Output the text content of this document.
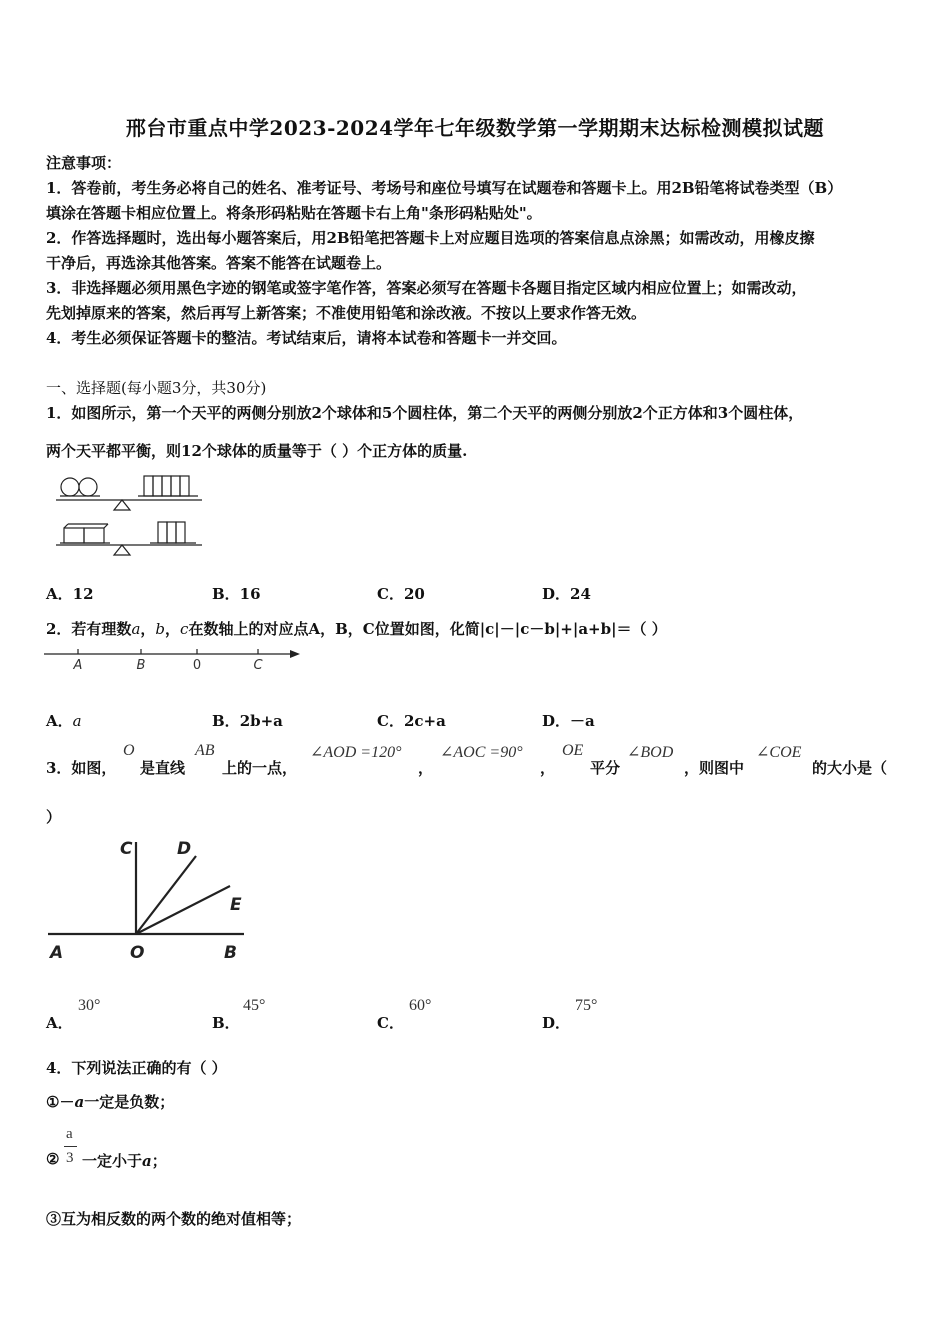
邢台市重点中学2023-2024学年七年级数学第一学期期末达标检测模拟试题
注意事项：
1．答卷前，考生务必将自己的姓名、准考证号、考场号和座位号填写在试题卷和答题卡上。用2B铅笔将试卷类型（B）
填涂在答题卡相应位置上。将条形码粘贴在答题卡右上角"条形码粘贴处"。
2．作答选择题时，选出每小题答案后，用2B铅笔把答题卡上对应题目选项的答案信息点涂黑；如需改动，用橡皮擦
干净后，再选涂其他答案。答案不能答在试题卷上。
3．非选择题必须用黑色字迹的钢笔或签字笔作答，答案必须写在答题卡各题目指定区域内相应位置上；如需改动，
先划掉原来的答案，然后再写上新答案；不准使用铅笔和涂改液。不按以上要求作答无效。
4．考生必须保证答题卡的整洁。考试结束后，请将本试卷和答题卡一并交回。
一、选择题(每小题3分，共30分)
1．如图所示，第一个天平的两侧分别放2个球体和5个圆柱体，第二个天平的两侧分别放2个正方体和3个圆柱体，
两个天平都平衡，则12个球体的质量等于（ ）个正方体的质量.
A．12	B．16	C．20	D．24
2．若有理数a，b，c在数轴上的对应点A，B，C位置如图，化简|c|－|c－b|+|a+b|＝（ ）
A	B	0	C
A．a	B．2b+a	C．2c+a	D．－a
3．如图，
O
是直线
AB
上的一点，
∠AOD =120°
，
∠AOC =90°
，
OE
平分
∠BOD
，则图中
∠COE
的大小是（
）
C	D
E
A	O	B
A．
30°
B．
45°
C．
60°
D．
75°
4．下列说法正确的有（ ）
①－a一定是负数；
a
3
② 一定小于a；
③互为相反数的两个数的绝对值相等；
